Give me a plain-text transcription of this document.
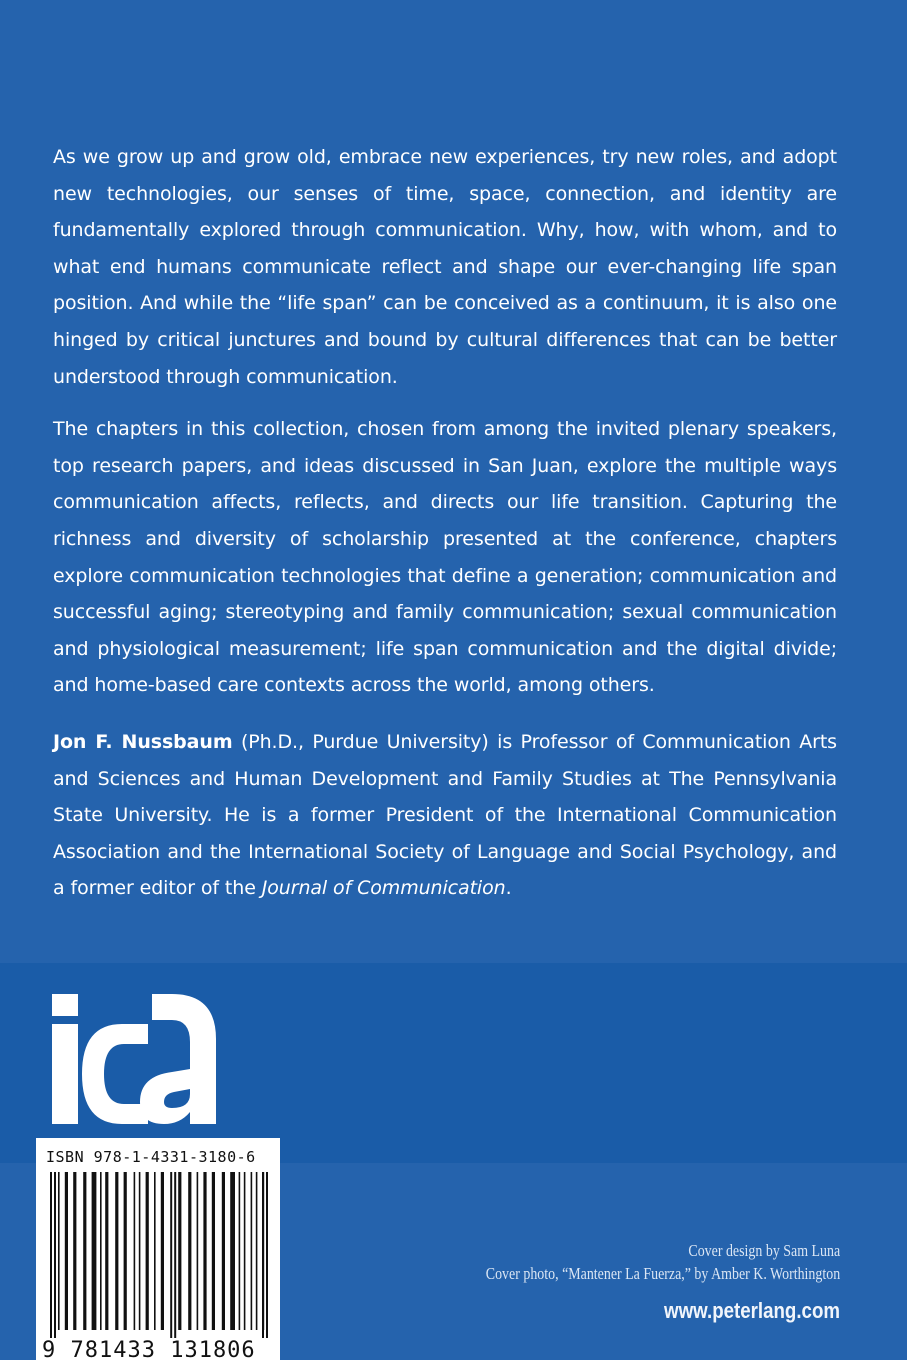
As we grow up and grow old, embrace new experiences, try new roles, and adopt new technologies, our senses of time, space, connection, and identity are fundamentally explored through communication. Why, how, with whom, and to what end humans communicate reflect and shape our ever-changing life span position. And while the “life span” can be conceived as a continuum, it is also one hinged by critical junctures and bound by cultural differences that can be better understood through communication.

The chapters in this collection, chosen from among the invited plenary speakers, top research papers, and ideas discussed in San Juan, explore the multiple ways communication affects, reflects, and directs our life transition. Capturing the richness and diversity of scholarship presented at the conference, chapters explore communication technologies that define a generation; communication and successful aging; stereotyping and family communication; sexual communication and physiological measurement; life span communication and the digital divide; and home-based care contexts across the world, among others.

Jon F. Nussbaum (Ph.D., Purdue University) is Professor of Communication Arts and Sciences and Human Development and Family Studies at The Pennsylvania State University. He is a former President of the International Communication Association and the International Society of Language and Social Psychology, and a former editor of the Journal of Communication.

ISBN 978-1-4331-3180-6
9 781433 131806
Cover design by Sam Luna
Cover photo, “Mantener La Fuerza,” by Amber K. Worthington
www.peterlang.com
